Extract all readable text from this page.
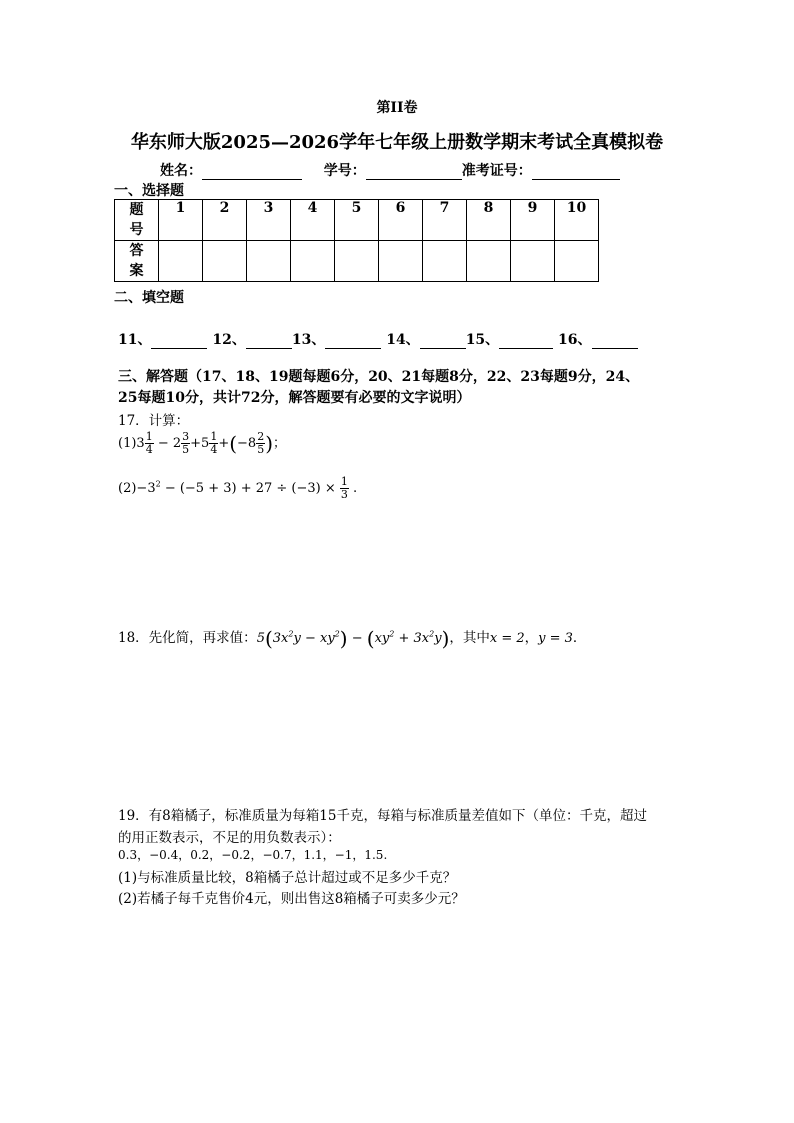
第II卷
华东师大版2025—2026学年七年级上册数学期末考试全真模拟卷
姓名：	学号：	准考证号：
一、选择题
题号	1	2	3	4	5	6	7	8	9	10
答案										
二、填空题
11、	12、	13、	14、	15、	16、
三、解答题（17、18、19题每题6分，20、21每题8分，22、23每题9分，24、
25每题10分，共计72分，解答题要有必要的文字说明）
17．计算：
$(1)3 \frac{1}{4} - 2 \frac{3}{5} +5 \frac{1}{4} +(-8 \frac{2}{5}$ )；
$(2)-3^2 - (-5 + 3) + 27 \div (-3) \times \frac{1}{3}$ .
18．先化简，再求值：$5(3x^2y - xy^2) - (xy^2 + 3x^2y)$，其中x = 2，y = 3．
19．有8箱橘子，标准质量为每箱15千克，每箱与标准质量差值如下（单位：千克，超过
的用正数表示，不足的用负数表示）：
0.3，−0.4，0.2，−0.2，−0.7，1.1，−1，1.5.
(1)与标准质量比较，8箱橘子总计超过或不足多少千克？
(2)若橘子每千克售价4元，则出售这8箱橘子可卖多少元？
